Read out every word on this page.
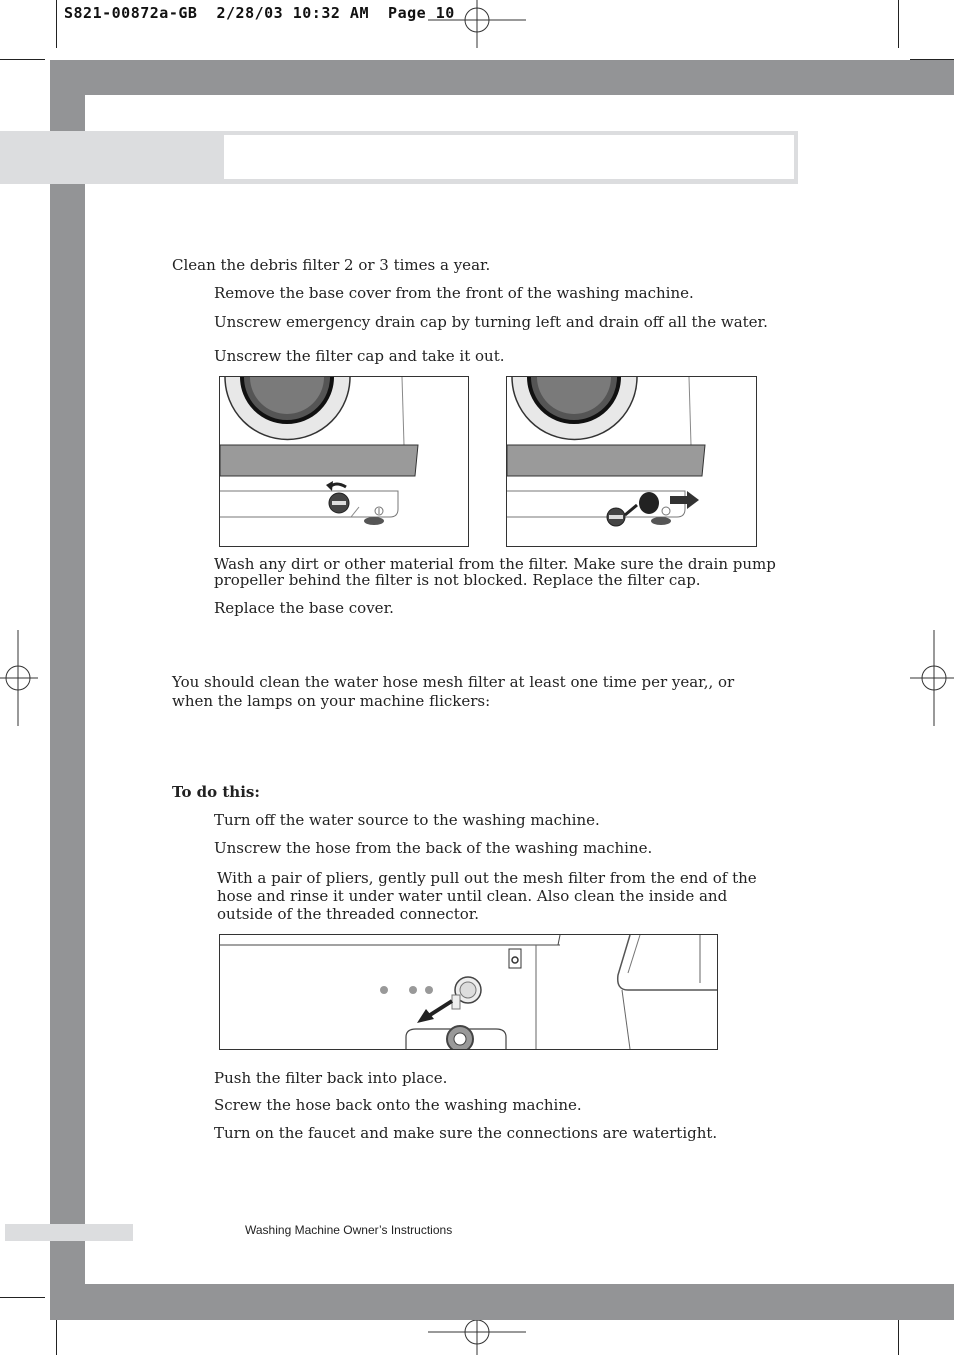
S821-00872a-GB  2/28/03 10:32 AM  Page 10
Clean the debris filter 2 or 3 times a year.
Remove the base cover from the front of the washing machine.
Unscrew emergency drain cap by turning left and drain off all the water.
Unscrew the filter cap and take it out.
Wash any dirt or other material from the filter. Make sure the drain pump propeller behind the filter is not blocked. Replace the filter cap.
Replace the base cover.
You should clean the water hose mesh filter at least one time per year,, or when the lamps on your machine flickers:
To do this:
Turn off the water source to the washing machine.
Unscrew the hose from the back of the washing machine.
With a pair of pliers, gently pull out the mesh filter from the end of the hose and rinse it under water until clean. Also clean the inside and outside of the threaded connector.
Push the filter back into place.
Screw the hose back onto the washing machine.
Turn on the faucet and make sure the connections are watertight.
Washing Machine Owner’s Instructions
